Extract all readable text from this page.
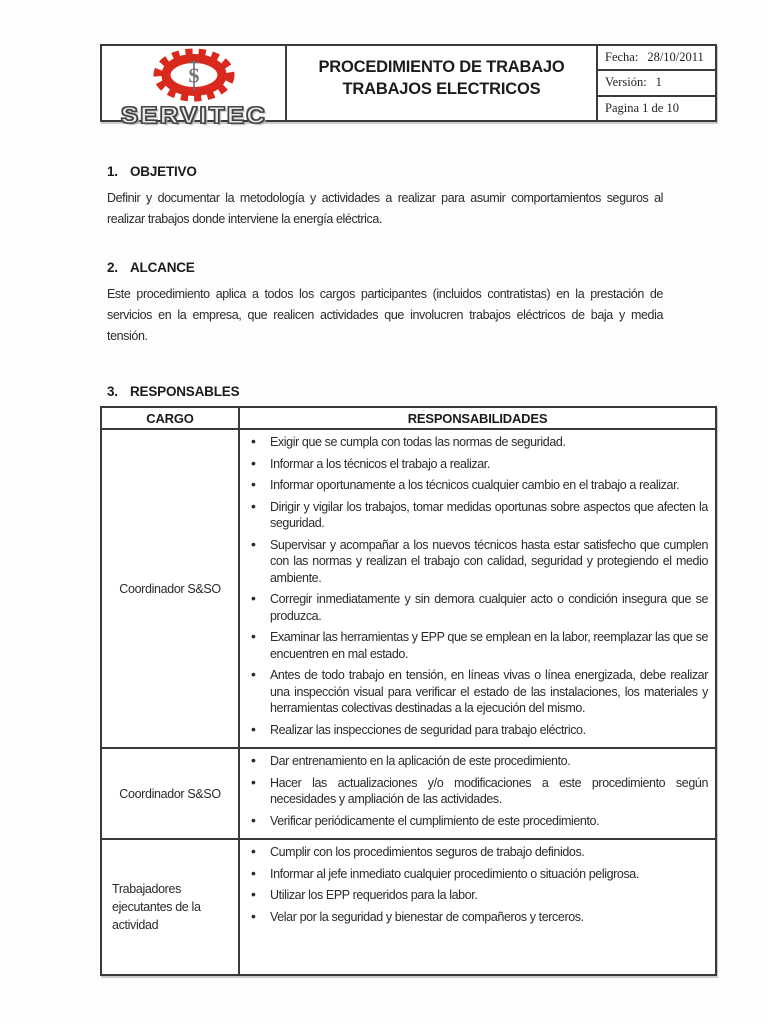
S
SERVITEC
PROCEDIMIENTO DE TRABAJO
TRABAJOS ELECTRICOS
Fecha: 28/10/2011
Versión: 1
Pagina 1 de 10
1. OBJETIVO
Definir y documentar la metodología y actividades a realizar para asumir comportamientos seguros al realizar trabajos donde interviene la energía eléctrica.
2. ALCANCE
Este procedimiento aplica a todos los cargos participantes (incluidos contratistas) en la prestación de servicios en la empresa, que realicen actividades que involucren trabajos eléctricos de baja y media tensión.
3. RESPONSABLES
CARGO	RESPONSABILIDADES
Coordinador S&SO	
• Exigir que se cumpla con todas las normas de seguridad.
• Informar a los técnicos el trabajo a realizar.
• Informar oportunamente a los técnicos cualquier cambio en el trabajo a realizar.
• Dirigir y vigilar los trabajos, tomar medidas oportunas sobre aspectos que afecten la seguridad.
• Supervisar y acompañar a los nuevos técnicos hasta estar satisfecho que cumplen con las normas y realizan el trabajo con calidad, seguridad y protegiendo el medio ambiente.
• Corregir inmediatamente y sin demora cualquier acto o condición insegura que se produzca.
• Examinar las herramientas y EPP que se emplean en la labor, reemplazar las que se encuentren en mal estado.
• Antes de todo trabajo en tensión, en líneas vivas o línea energizada, debe realizar una inspección visual para verificar el estado de las instalaciones, los materiales y herramientas colectivas destinadas a la ejecución del mismo.
• Realizar las inspecciones de seguridad para trabajo eléctrico.

Coordinador S&SO	
• Dar entrenamiento en la aplicación de este procedimiento.
• Hacer las actualizaciones y/o modificaciones a este procedimiento según necesidades y ampliación de las actividades.
• Verificar periódicamente el cumplimiento de este procedimiento.

Trabajadores ejecutantes de la actividad	
• Cumplir con los procedimientos seguros de trabajo definidos.
• Informar al jefe inmediato cualquier procedimiento o situación peligrosa.
• Utilizar los EPP requeridos para la labor.
• Velar por la seguridad y bienestar de compañeros y terceros.
